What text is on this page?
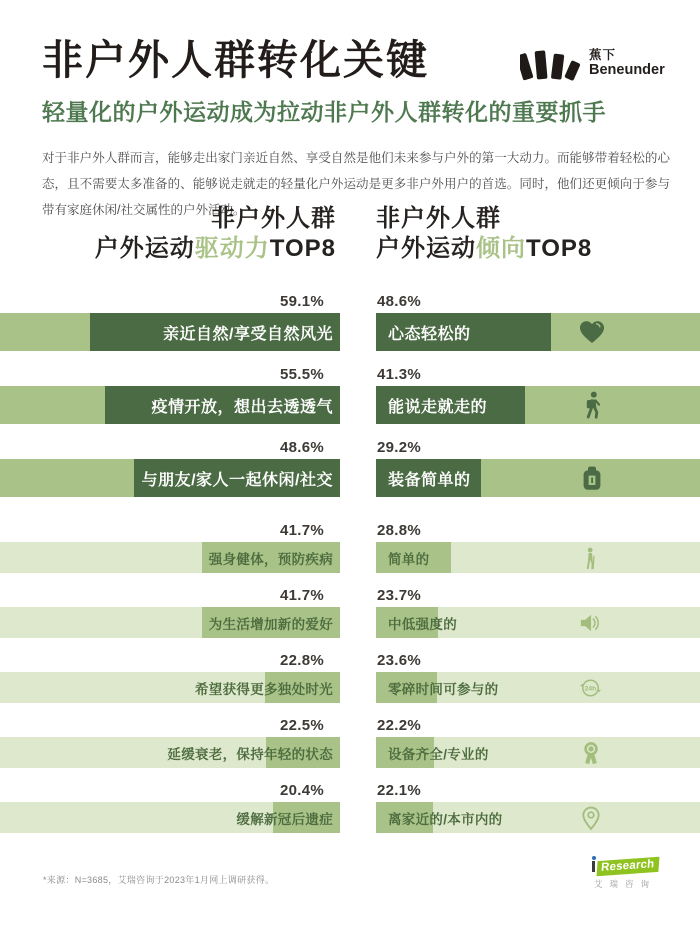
非户外人群转化关键	蕉下
Beneunder
轻量化的户外运动成为拉动非户外人群转化的重要抓手
对于非户外人群而言，能够走出家门亲近自然、享受自然是他们未来参与户外的第一大动力。而能够带着轻松的心态，且不需要太多准备的、能够说走就走的轻量化户外运动是更多非户外用户的首选。同时，他们还更倾向于参与带有家庭休闲/社交属性的户外活动。
非户外人群
户外运动驱动力TOP8
非户外人群
户外运动倾向TOP8
59.1%
亲近自然/享受自然风光
55.5%
疫情开放，想出去透透气
48.6%
与朋友/家人一起休闲/社交
41.7%
强身健体，预防疾病
41.7%
为生活增加新的爱好
22.8%
希望获得更多独处时光
22.5%
延缓衰老，保持年轻的状态
20.4%
缓解新冠后遗症
48.6%
心态轻松的
41.3%
能说走就走的
29.2%
装备简单的
28.8%
简单的
23.7%
中低强度的
23.6%
零碎时间可参与的	24h
22.2%
设备齐全/专业的
22.1%
离家近的/本市内的
*来源：N=3685，艾瑞咨询于2023年1月网上调研获得。
Research
艾瑞咨询
